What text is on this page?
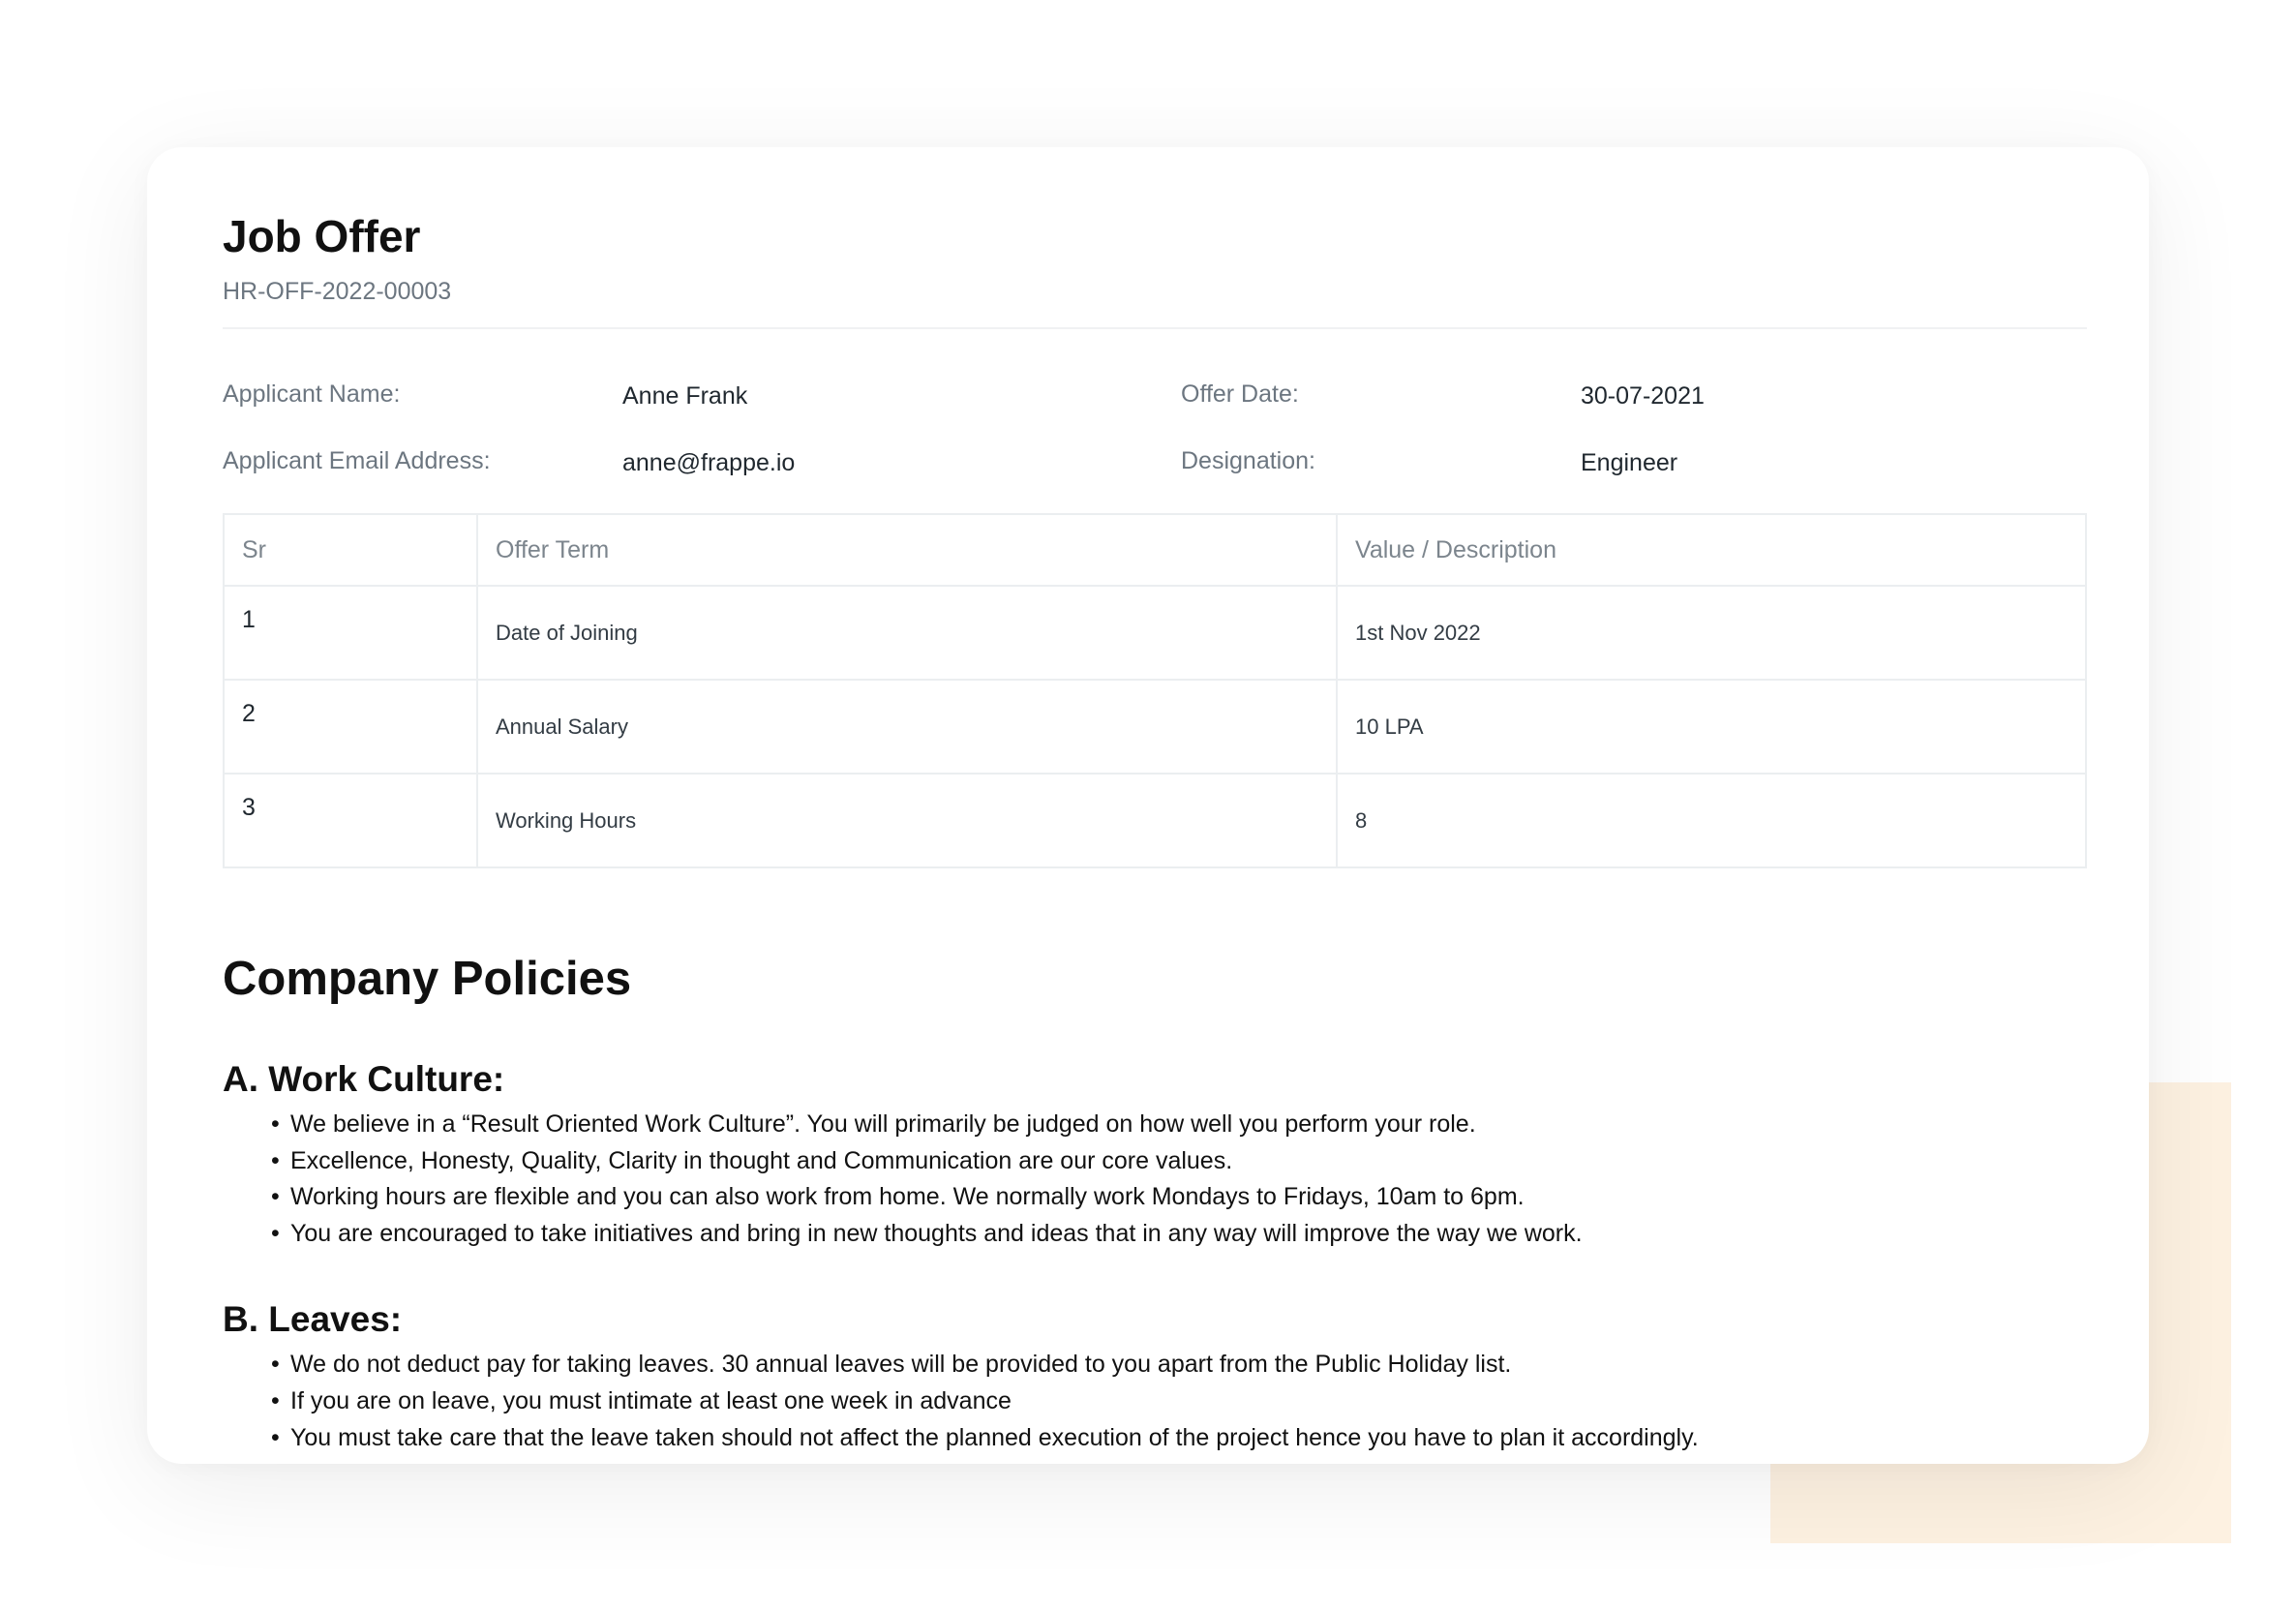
Job Offer
HR-OFF-2022-00003
Applicant Name:	Anne Frank	Offer Date:	30-07-2021
Applicant Email Address:	anne@frappe.io	Designation:	Engineer
Sr	Offer Term	Value / Description
1	Date of Joining	1st Nov 2022
2	Annual Salary	10 LPA
3	Working Hours	8
Company Policies
A. Work Culture:
• We believe in a “Result Oriented Work Culture”. You will primarily be judged on how well you perform your role.
• Excellence, Honesty, Quality, Clarity in thought and Communication are our core values.
• Working hours are flexible and you can also work from home. We normally work Mondays to Fridays, 10am to 6pm.
• You are encouraged to take initiatives and bring in new thoughts and ideas that in any way will improve the way we work.
B. Leaves:
• We do not deduct pay for taking leaves. 30 annual leaves will be provided to you apart from the Public Holiday list.
• If you are on leave, you must intimate at least one week in advance
• You must take care that the leave taken should not affect the planned execution of the project hence you have to plan it accordingly.
